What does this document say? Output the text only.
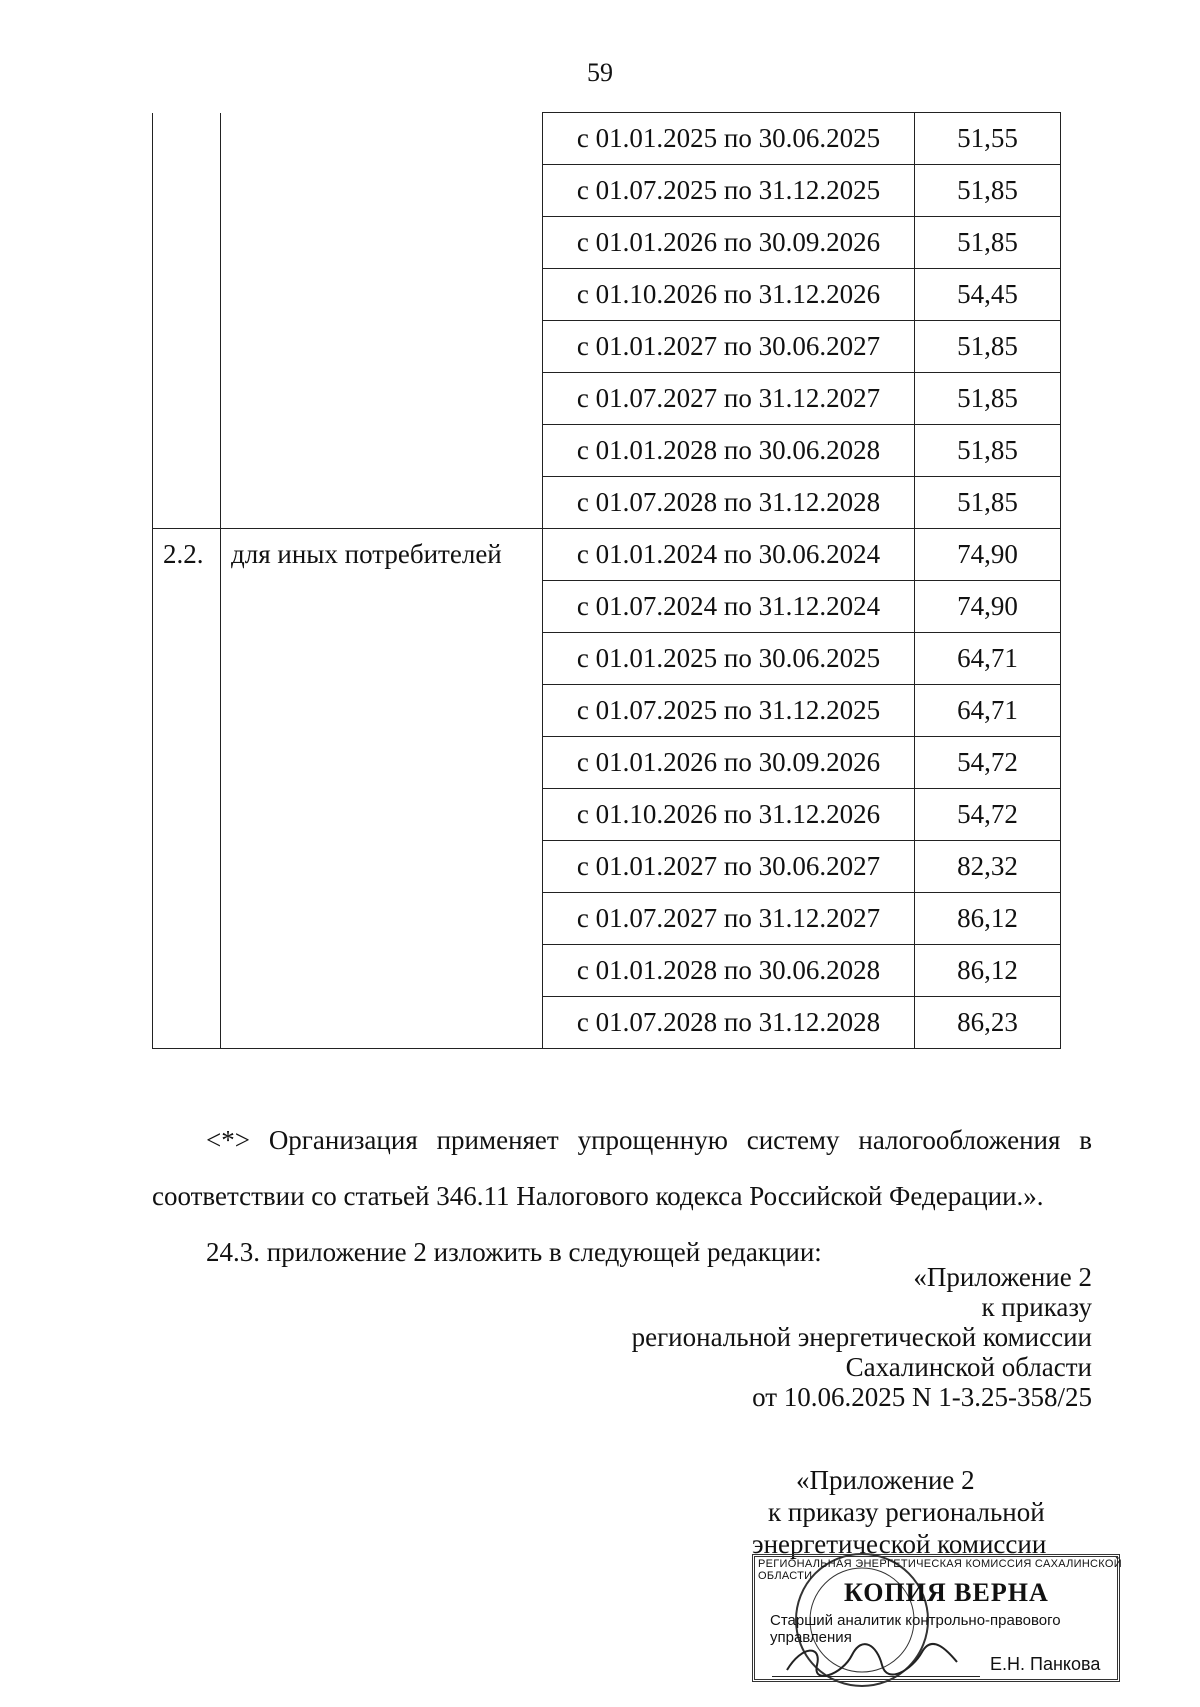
59
		с 01.01.2025 по 30.06.2025	51,55
		с 01.07.2025 по 31.12.2025	51,85
		с 01.01.2026 по 30.09.2026	51,85
		с 01.10.2026 по 31.12.2026	54,45
		с 01.01.2027 по 30.06.2027	51,85
		с 01.07.2027 по 31.12.2027	51,85
		с 01.01.2028 по 30.06.2028	51,85
		с 01.07.2028 по 31.12.2028	51,85
2.2.	для иных потребителей	с 01.01.2024 по 30.06.2024	74,90
		с 01.07.2024 по 31.12.2024	74,90
		с 01.01.2025 по 30.06.2025	64,71
		с 01.07.2025 по 31.12.2025	64,71
		с 01.01.2026 по 30.09.2026	54,72
		с 01.10.2026 по 31.12.2026	54,72
		с 01.01.2027 по 30.06.2027	82,32
		с 01.07.2027 по 31.12.2027	86,12
		с 01.01.2028 по 30.06.2028	86,12
		с 01.07.2028 по 31.12.2028	86,23
<*> Организация применяет упрощенную систему налогообложения в
соответствии со статьей 346.11 Налогового кодекса Российской Федерации.».
24.3. приложение 2 изложить в следующей редакции:
«Приложение 2
к приказу
региональной энергетической комиссии
Сахалинской области
от 10.06.2025 N 1-3.25-358/25
«Приложение 2
к приказу региональной
энергетической комиссии
РЕГИОНАЛЬНАЯ ЭНЕРГЕТИЧЕСКАЯ КОМИССИЯ САХАЛИНСКОЙ ОБЛАСТИ
КОПИЯ ВЕРНА
Старший аналитик контрольно-правового управления
Е.Н. Панкова
